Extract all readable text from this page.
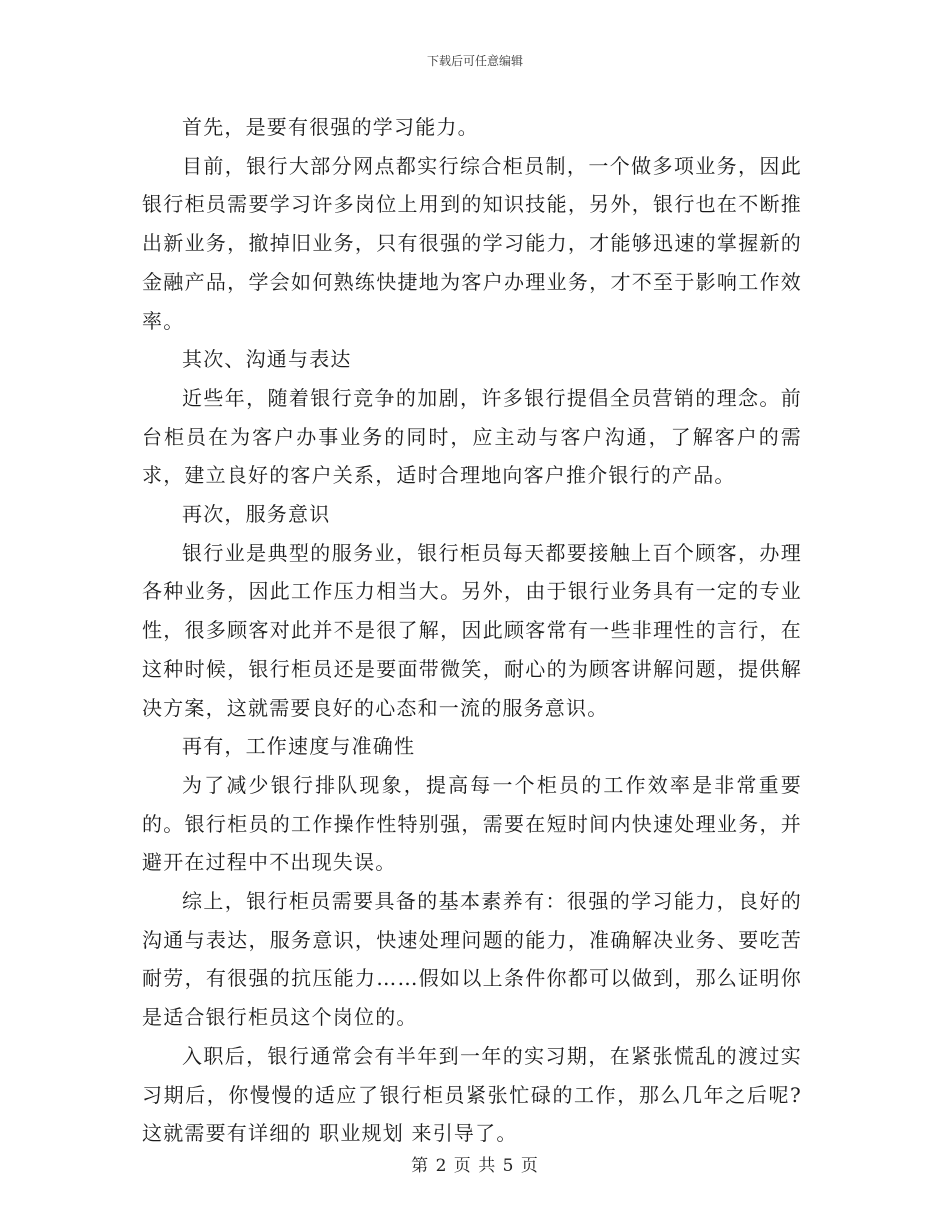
下载后可任意编辑

首先，是要有很强的学习能力。

目前，银行大部分网点都实行综合柜员制，一个做多项业务，因此银行柜员需要学习许多岗位上用到的知识技能，另外，银行也在不断推出新业务，撤掉旧业务，只有很强的学习能力，才能够迅速的掌握新的金融产品，学会如何熟练快捷地为客户办理业务，才不至于影响工作效率。

其次、沟通与表达

近些年，随着银行竞争的加剧，许多银行提倡全员营销的理念。前台柜员在为客户办事业务的同时，应主动与客户沟通，了解客户的需求，建立良好的客户关系，适时合理地向客户推介银行的产品。

再次，服务意识

银行业是典型的服务业，银行柜员每天都要接触上百个顾客，办理各种业务，因此工作压力相当大。另外，由于银行业务具有一定的专业性，很多顾客对此并不是很了解，因此顾客常有一些非理性的言行，在这种时候，银行柜员还是要面带微笑，耐心的为顾客讲解问题，提供解决方案，这就需要良好的心态和一流的服务意识。

再有，工作速度与准确性

为了减少银行排队现象，提高每一个柜员的工作效率是非常重要的。银行柜员的工作操作性特别强，需要在短时间内快速处理业务，并避开在过程中不出现失误。

综上，银行柜员需要具备的基本素养有：很强的学习能力，良好的沟通与表达，服务意识，快速处理问题的能力，准确解决业务、要吃苦耐劳，有很强的抗压能力……假如以上条件你都可以做到，那么证明你是适合银行柜员这个岗位的。

入职后，银行通常会有半年到一年的实习期，在紧张慌乱的渡过实习期后，你慢慢的适应了银行柜员紧张忙碌的工作，那么几年之后呢?这就需要有详细的 职业规划 来引导了。

第 2 页 共 5 页
